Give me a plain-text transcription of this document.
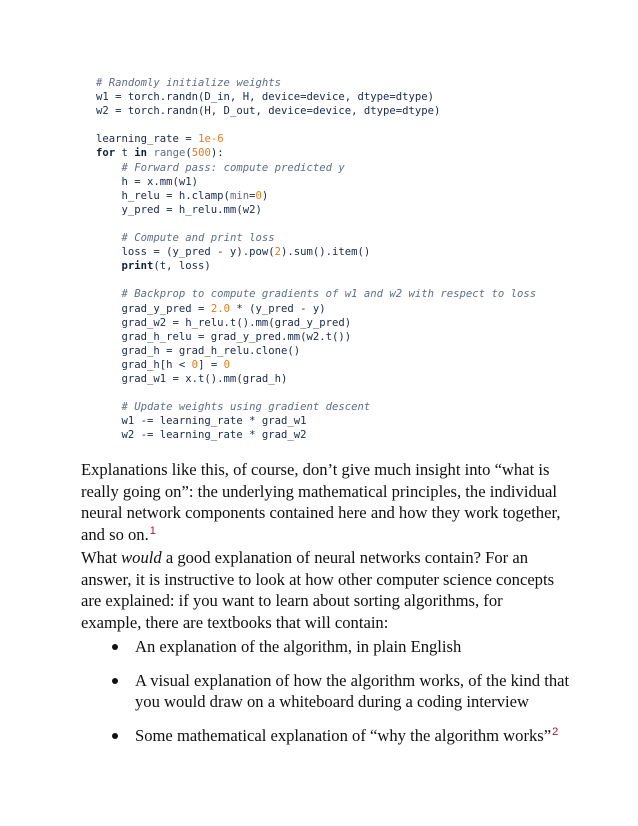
# Randomly initialize weights
w1 = torch.randn(D_in, H, device=device, dtype=dtype)
w2 = torch.randn(H, D_out, device=device, dtype=dtype)

learning_rate = 1e-6
for t in range(500):
# Forward pass: compute predicted y
h = x.mm(w1)
h_relu = h.clamp(min=0)
y_pred = h_relu.mm(w2)

# Compute and print loss
loss = (y_pred - y).pow(2).sum().item()
print(t, loss)

# Backprop to compute gradients of w1 and w2 with respect to loss
grad_y_pred = 2.0 * (y_pred - y)
grad_w2 = h_relu.t().mm(grad_y_pred)
grad_h_relu = grad_y_pred.mm(w2.t())
grad_h = grad_h_relu.clone()
grad_h[h < 0] = 0
grad_w1 = x.t().mm(grad_h)

# Update weights using gradient descent
w1 -= learning_rate * grad_w1
w2 -= learning_rate * grad_w2

Explanations like this, of course, don’t give much insight into “what is really going on”: the underlying mathematical principles, the individual neural network components contained here and how they work together, and so on.$^1$

What would a good explanation of neural networks contain? For an answer, it is instructive to look at how other computer science concepts are explained: if you want to learn about sorting algorithms, for example, there are textbooks that will contain:

An explanation of the algorithm, in plain English
A visual explanation of how the algorithm works, of the kind that you would draw on a whiteboard during a coding interview
Some mathematical explanation of “why the algorithm works”$^2$
